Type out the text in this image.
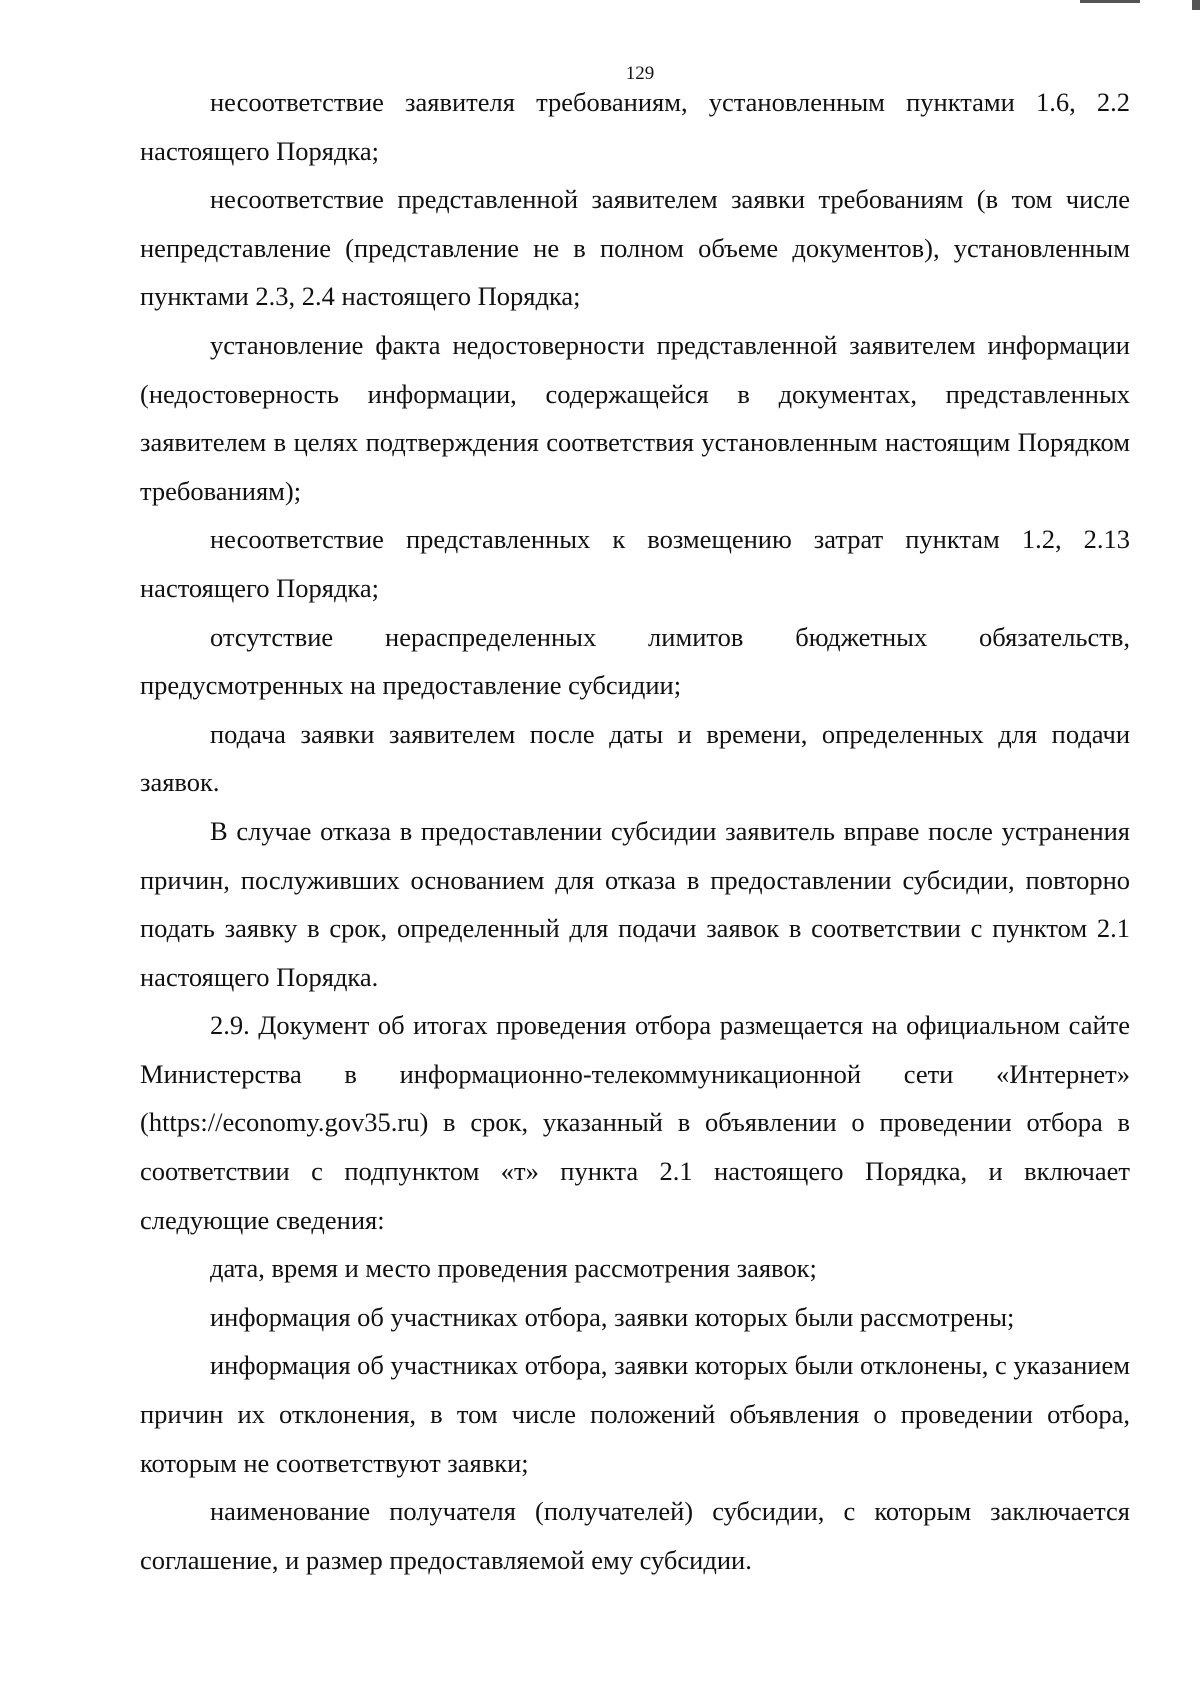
129

несоответствие заявителя требованиям, установленным пунктами 1.6, 2.2 настоящего Порядка;

несоответствие представленной заявителем заявки требованиям (в том числе непредставление (представление не в полном объеме документов), установленным пунктами 2.3, 2.4 настоящего Порядка;

установление факта недостоверности представленной заявителем информации (недостоверность информации, содержащейся в документах, представленных заявителем в целях подтверждения соответствия установленным настоящим Порядком требованиям);

несоответствие представленных к возмещению затрат пунктам 1.2, 2.13 настоящего Порядка;

отсутствие нераспределенных лимитов бюджетных обязательств, предусмотренных на предоставление субсидии;

подача заявки заявителем после даты и времени, определенных для подачи заявок.

В случае отказа в предоставлении субсидии заявитель вправе после устранения причин, послуживших основанием для отказа в предоставлении субсидии, повторно подать заявку в срок, определенный для подачи заявок в соответствии с пунктом 2.1 настоящего Порядка.

2.9. Документ об итогах проведения отбора размещается на официальном сайте Министерства в информационно-телекоммуникационной сети «Интернет» (https://economy.gov35.ru) в срок, указанный в объявлении о проведении отбора в соответствии с подпунктом «т» пункта 2.1 настоящего Порядка, и включает следующие сведения:

дата, время и место проведения рассмотрения заявок;

информация об участниках отбора, заявки которых были рассмотрены;

информация об участниках отбора, заявки которых были отклонены, с указанием причин их отклонения, в том числе положений объявления о проведении отбора, которым не соответствуют заявки;

наименование получателя (получателей) субсидии, с которым заключается соглашение, и размер предоставляемой ему субсидии.
